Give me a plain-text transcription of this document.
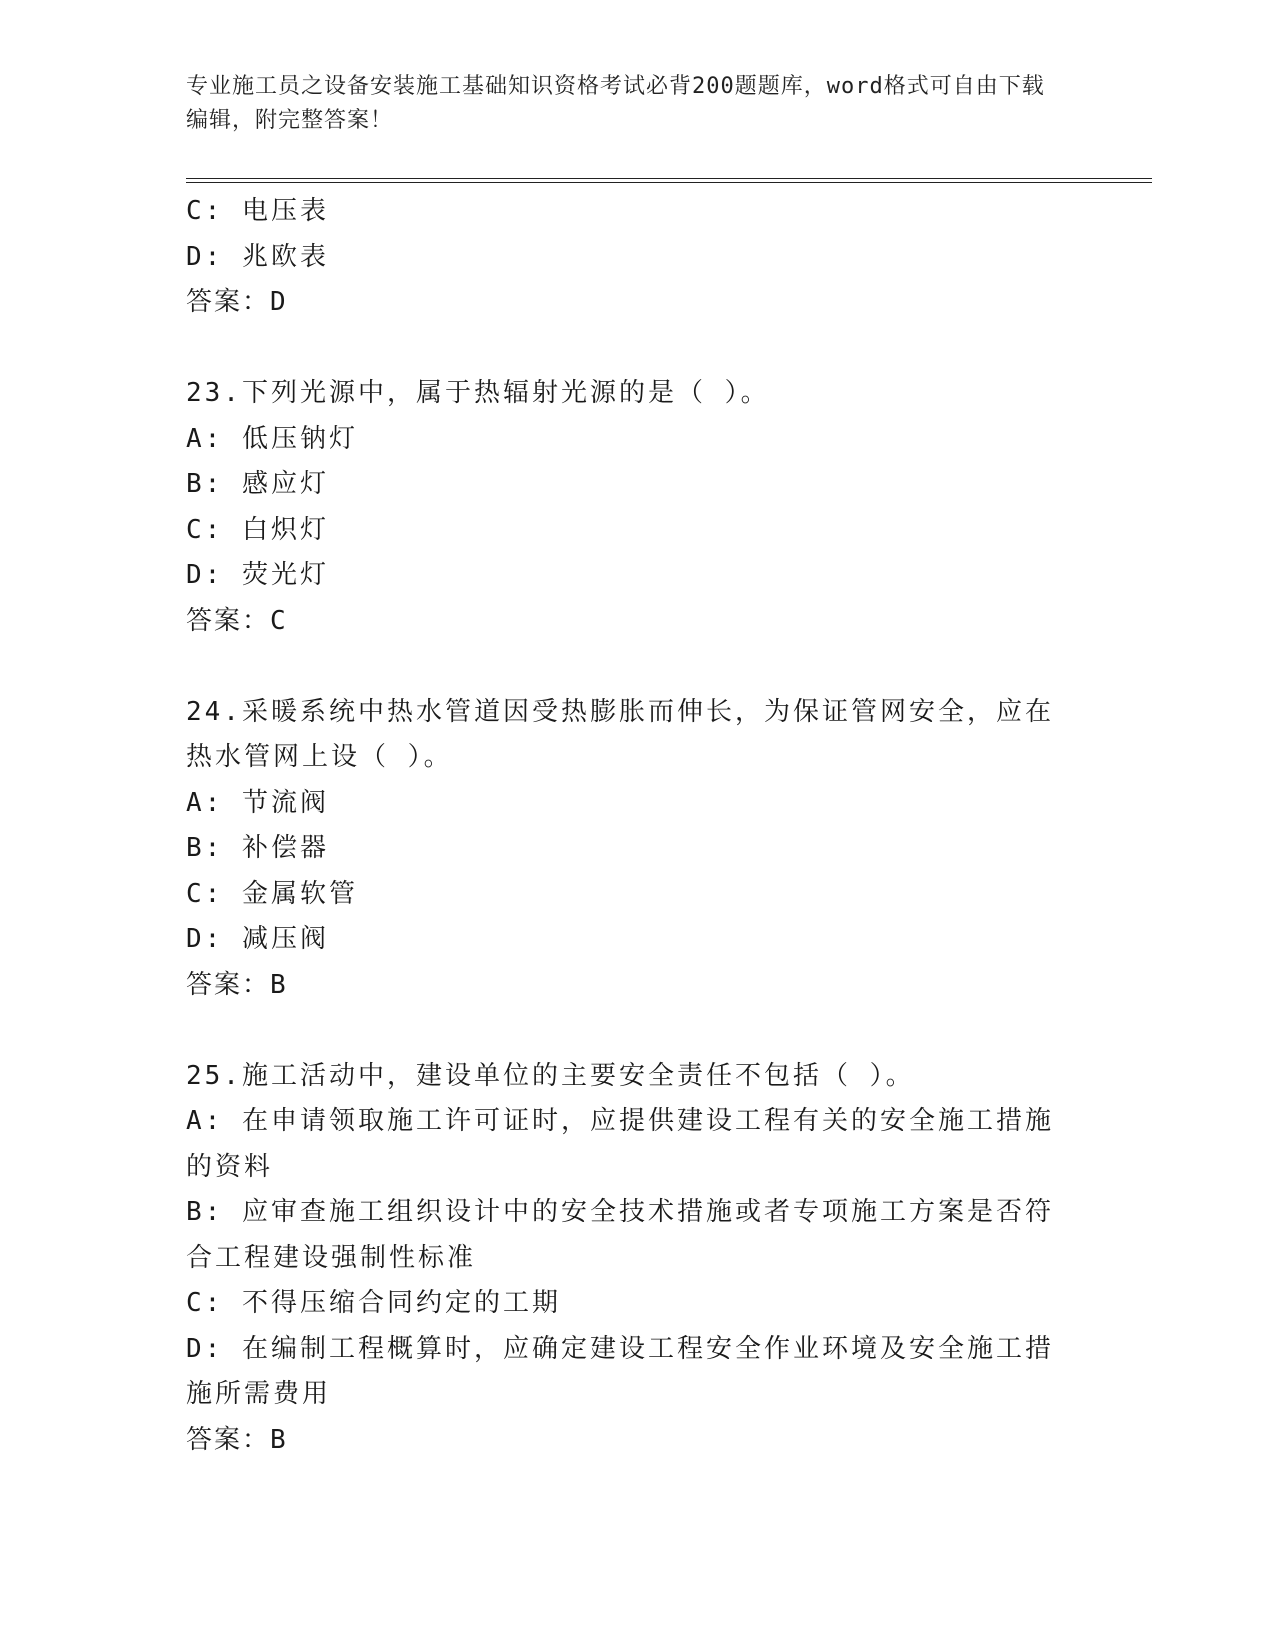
专业施工员之设备安装施工基础知识资格考试必背200题题库，word格式可自由下载编辑，附完整答案！
C: 电压表
D: 兆欧表
答案：D
23.下列光源中，属于热辐射光源的是（ ）。
A: 低压钠灯
B: 感应灯
C: 白炽灯
D: 荧光灯
答案：C
24.采暖系统中热水管道因受热膨胀而伸长，为保证管网安全，应在热水管网上设（ ）。
A: 节流阀
B: 补偿器
C: 金属软管
D: 减压阀
答案：B
25.施工活动中，建设单位的主要安全责任不包括（ ）。
A: 在申请领取施工许可证时，应提供建设工程有关的安全施工措施的资料
B: 应审查施工组织设计中的安全技术措施或者专项施工方案是否符合工程建设强制性标准
C: 不得压缩合同约定的工期
D: 在编制工程概算时，应确定建设工程安全作业环境及安全施工措施所需费用
答案：B
